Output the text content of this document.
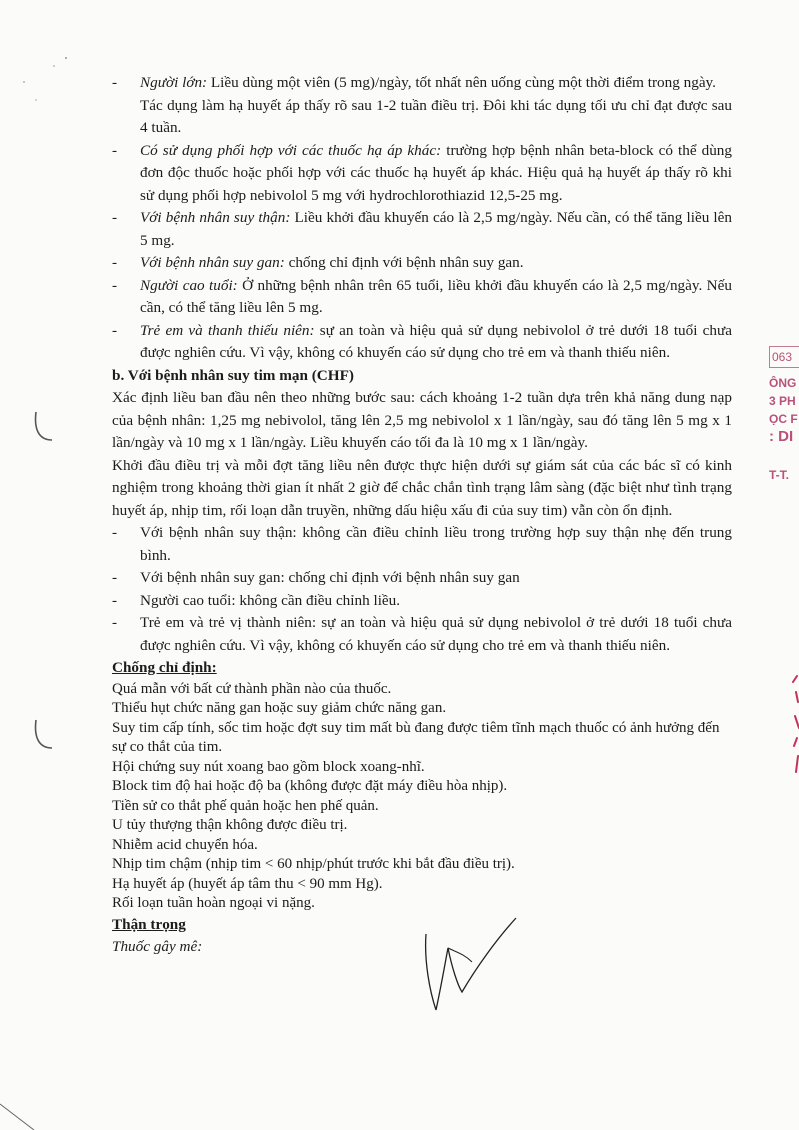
- Người lớn: Liều dùng một viên (5 mg)/ngày, tốt nhất nên uống cùng một thời điểm trong ngày.

Tác dụng làm hạ huyết áp thấy rõ sau 1-2 tuần điều trị. Đôi khi tác dụng tối ưu chỉ đạt được sau 4 tuần.

- Có sử dụng phối hợp với các thuốc hạ áp khác: trường hợp bệnh nhân beta-block có thể dùng đơn độc thuốc hoặc phối hợp với các thuốc hạ huyết áp khác. Hiệu quả hạ huyết áp thấy rõ khi sử dụng phối hợp nebivolol 5 mg với hydrochlorothiazid 12,5-25 mg.

- Với bệnh nhân suy thận: Liều khởi đầu khuyến cáo là 2,5 mg/ngày. Nếu cần, có thể tăng liều lên 5 mg.

- Với bệnh nhân suy gan: chống chỉ định với bệnh nhân suy gan.

- Người cao tuổi: Ở những bệnh nhân trên 65 tuổi, liều khởi đầu khuyến cáo là 2,5 mg/ngày. Nếu cần, có thể tăng liều lên 5 mg.

- Trẻ em và thanh thiếu niên: sự an toàn và hiệu quả sử dụng nebivolol ở trẻ dưới 18 tuổi chưa được nghiên cứu. Vì vậy, không có khuyến cáo sử dụng cho trẻ em và thanh thiếu niên.

b. Với bệnh nhân suy tim mạn (CHF)

Xác định liều ban đầu nên theo những bước sau: cách khoảng 1-2 tuần dựa trên khả năng dung nạp của bệnh nhân: 1,25 mg nebivolol, tăng lên 2,5 mg nebivolol x 1 lần/ngày, sau đó tăng lên 5 mg x 1 lần/ngày và 10 mg x 1 lần/ngày. Liều khuyến cáo tối đa là 10 mg x 1 lần/ngày.

Khởi đầu điều trị và mỗi đợt tăng liều nên được thực hiện dưới sự giám sát của các bác sĩ có kinh nghiệm trong khoảng thời gian ít nhất 2 giờ để chắc chắn tình trạng lâm sàng (đặc biệt như tình trạng huyết áp, nhịp tim, rối loạn dẫn truyền, những dấu hiệu xấu đi của suy tim) vẫn còn ổn định.

- Với bệnh nhân suy thận: không cần điều chỉnh liều trong trường hợp suy thận nhẹ đến trung bình.

- Với bệnh nhân suy gan: chống chỉ định với bệnh nhân suy gan

- Người cao tuổi: không cần điều chỉnh liều.

- Trẻ em và trẻ vị thành niên: sự an toàn và hiệu quả sử dụng nebivolol ở trẻ dưới 18 tuổi chưa được nghiên cứu. Vì vậy, không có khuyến cáo sử dụng cho trẻ em và thanh thiếu niên.

Chống chỉ định:

Quá mẫn với bất cứ thành phần nào của thuốc.
Thiểu hụt chức năng gan hoặc suy giảm chức năng gan.
Suy tim cấp tính, sốc tim hoặc đợt suy tim mất bù đang được tiêm tĩnh mạch thuốc có ảnh hưởng đến sự co thắt của tim.
Hội chứng suy nút xoang bao gồm block xoang-nhĩ.
Block tim độ hai hoặc độ ba (không được đặt máy điều hòa nhịp).
Tiền sử co thắt phế quản hoặc hen phế quản.
U tủy thượng thận không được điều trị.
Nhiễm acid chuyển hóa.
Nhịp tim chậm (nhịp tim < 60 nhịp/phút trước khi bắt đầu điều trị).
Hạ huyết áp (huyết áp tâm thu < 90 mm Hg).
Rối loạn tuần hoàn ngoại vi nặng.

Thận trọng

Thuốc gây mê:

063
ÔNG
3 PH
ỌC F
: DI
T-T.
